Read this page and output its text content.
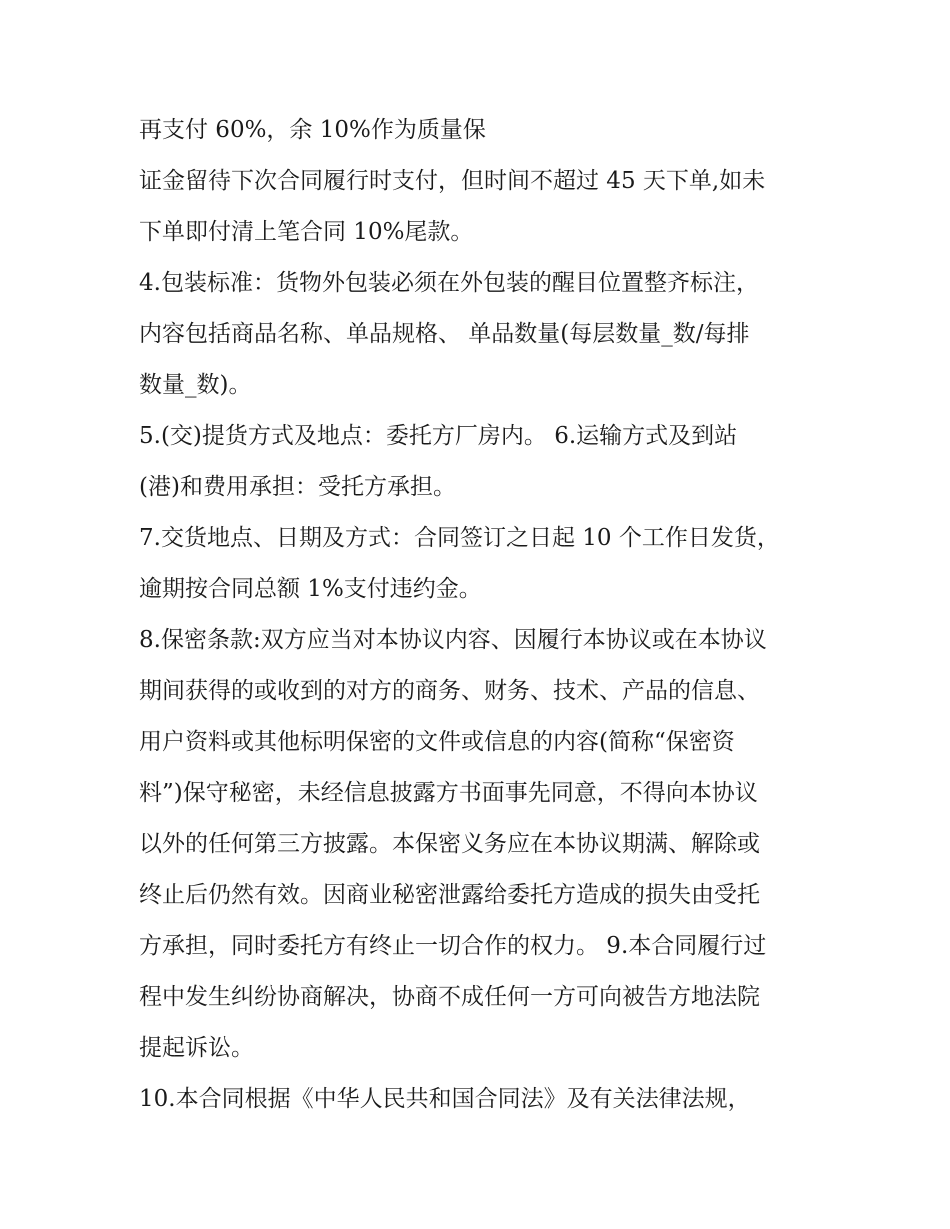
再支付 60%，余 10%作为质量保
证金留待下次合同履行时支付，但时间不超过 45 天下单,如未
下单即付清上笔合同 10%尾款。
4.包装标准：货物外包装必须在外包装的醒目位置整齐标注，
内容包括商品名称、单品规格、 单品数量(每层数量_数/每排
数量_数)。
5.(交)提货方式及地点：委托方厂房内。 6.运输方式及到站
(港)和费用承担：受托方承担。
7.交货地点、日期及方式：合同签订之日起 10 个工作日发货，
逾期按合同总额 1%支付违约金。
8.保密条款:双方应当对本协议内容、因履行本协议或在本协议
期间获得的或收到的对方的商务、财务、技术、产品的信息、
用户资料或其他标明保密的文件或信息的内容(简称“保密资
料”)保守秘密，未经信息披露方书面事先同意，不得向本协议
以外的任何第三方披露。本保密义务应在本协议期满、解除或
终止后仍然有效。因商业秘密泄露给委托方造成的损失由受托
方承担，同时委托方有终止一切合作的权力。 9.本合同履行过
程中发生纠纷协商解决，协商不成任何一方可向被告方地法院
提起诉讼。
10.本合同根据《中华人民共和国合同法》及有关法律法规，
